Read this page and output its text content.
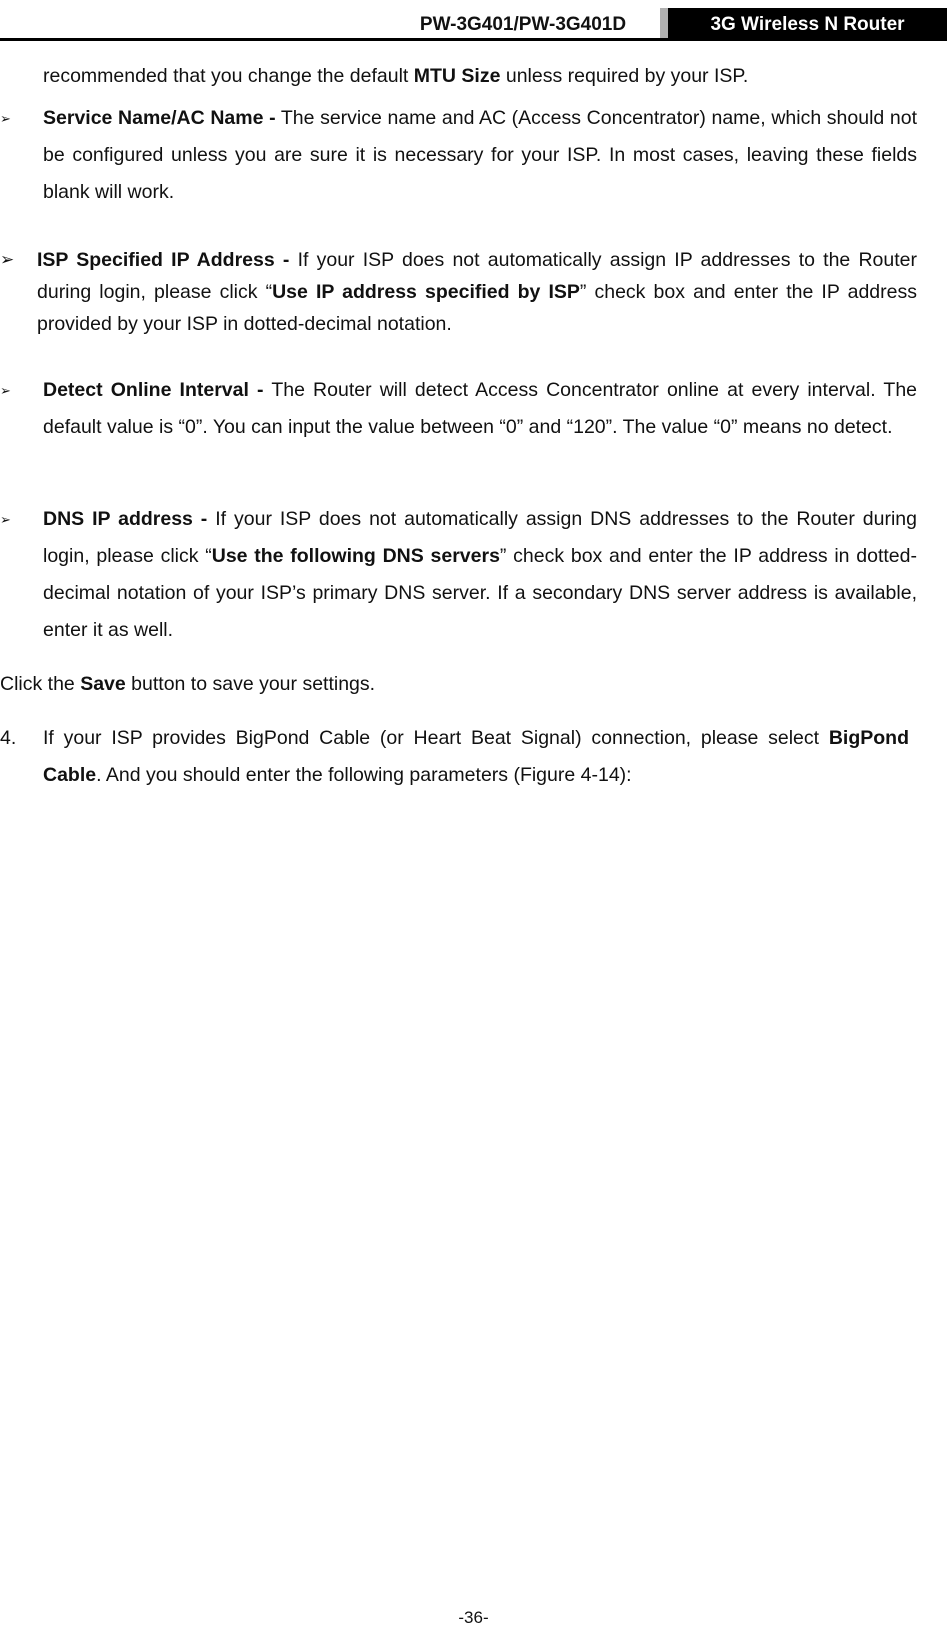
PW-3G401/PW-3G401D	3G Wireless N Router

recommended that you change the default MTU Size unless required by your ISP.

➢ Service Name/AC Name - The service name and AC (Access Concentrator) name, which should not be configured unless you are sure it is necessary for your ISP. In most cases, leaving these fields blank will work.

➢ ISP Specified IP Address - If your ISP does not automatically assign IP addresses to the Router during login, please click “Use IP address specified by ISP” check box and enter the IP address provided by your ISP in dotted-decimal notation.

➢ Detect Online Interval - The Router will detect Access Concentrator online at every interval. The default value is “0”. You can input the value between “0” and “120”. The value “0” means no detect.

➢ DNS IP address - If your ISP does not automatically assign DNS addresses to the Router during login, please click “Use the following DNS servers” check box and enter the IP address in dotted-decimal notation of your ISP’s primary DNS server. If a secondary DNS server address is available, enter it as well.

Click the Save button to save your settings.

4. If your ISP provides BigPond Cable (or Heart Beat Signal) connection, please select BigPond Cable. And you should enter the following parameters (Figure 4-14):

-36-
